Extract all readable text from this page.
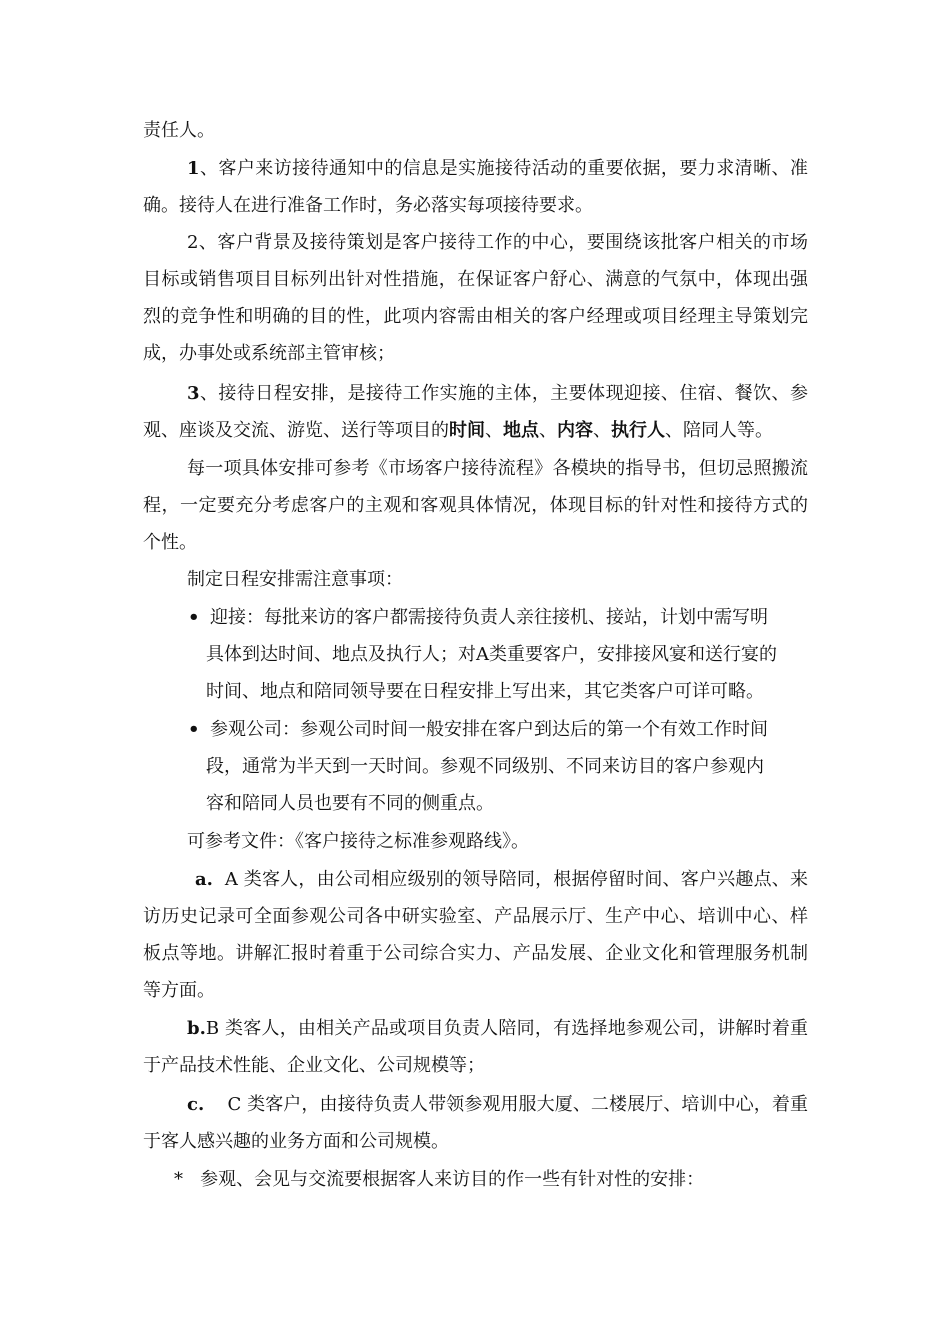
责任人。

1、客户来访接待通知中的信息是实施接待活动的重要依据，要力求清晰、准确。接待人在进行准备工作时，务必落实每项接待要求。

2、客户背景及接待策划是客户接待工作的中心，要围绕该批客户相关的市场目标或销售项目目标列出针对性措施，在保证客户舒心、满意的气氛中，体现出强烈的竞争性和明确的目的性，此项内容需由相关的客户经理或项目经理主导策划完成，办事处或系统部主管审核；

3、接待日程安排，是接待工作实施的主体，主要体现迎接、住宿、餐饮、参观、座谈及交流、游览、送行等项目的时间、地点、内容、执行人、陪同人等。

每一项具体安排可参考《市场客户接待流程》各模块的指导书，但切忌照搬流程，一定要充分考虑客户的主观和客观具体情况，体现目标的针对性和接待方式的个性。

制定日程安排需注意事项：

• 迎接：每批来访的客户都需接待负责人亲往接机、接站，计划中需写明
具体到达时间、地点及执行人；对A类重要客户，安排接风宴和送行宴的
时间、地点和陪同领导要在日程安排上写出来，其它类客户可详可略。
• 参观公司：参观公司时间一般安排在客户到达后的第一个有效工作时间
段，通常为半天到一天时间。参观不同级别、不同来访目的客户参观内
容和陪同人员也要有不同的侧重点。

可参考文件：《客户接待之标准参观路线》。

a. A 类客人，由公司相应级别的领导陪同，根据停留时间、客户兴趣点、来访历史记录可全面参观公司各中研实验室、产品展示厅、生产中心、培训中心、样板点等地。讲解汇报时着重于公司综合实力、产品发展、企业文化和管理服务机制等方面。

b.B 类客人，由相关产品或项目负责人陪同，有选择地参观公司，讲解时着重于产品技术性能、企业文化、公司规模等；

c. C 类客户，由接待负责人带领参观用服大厦、二楼展厅、培训中心，着重于客人感兴趣的业务方面和公司规模。

* 参观、会见与交流要根据客人来访目的作一些有针对性的安排：
